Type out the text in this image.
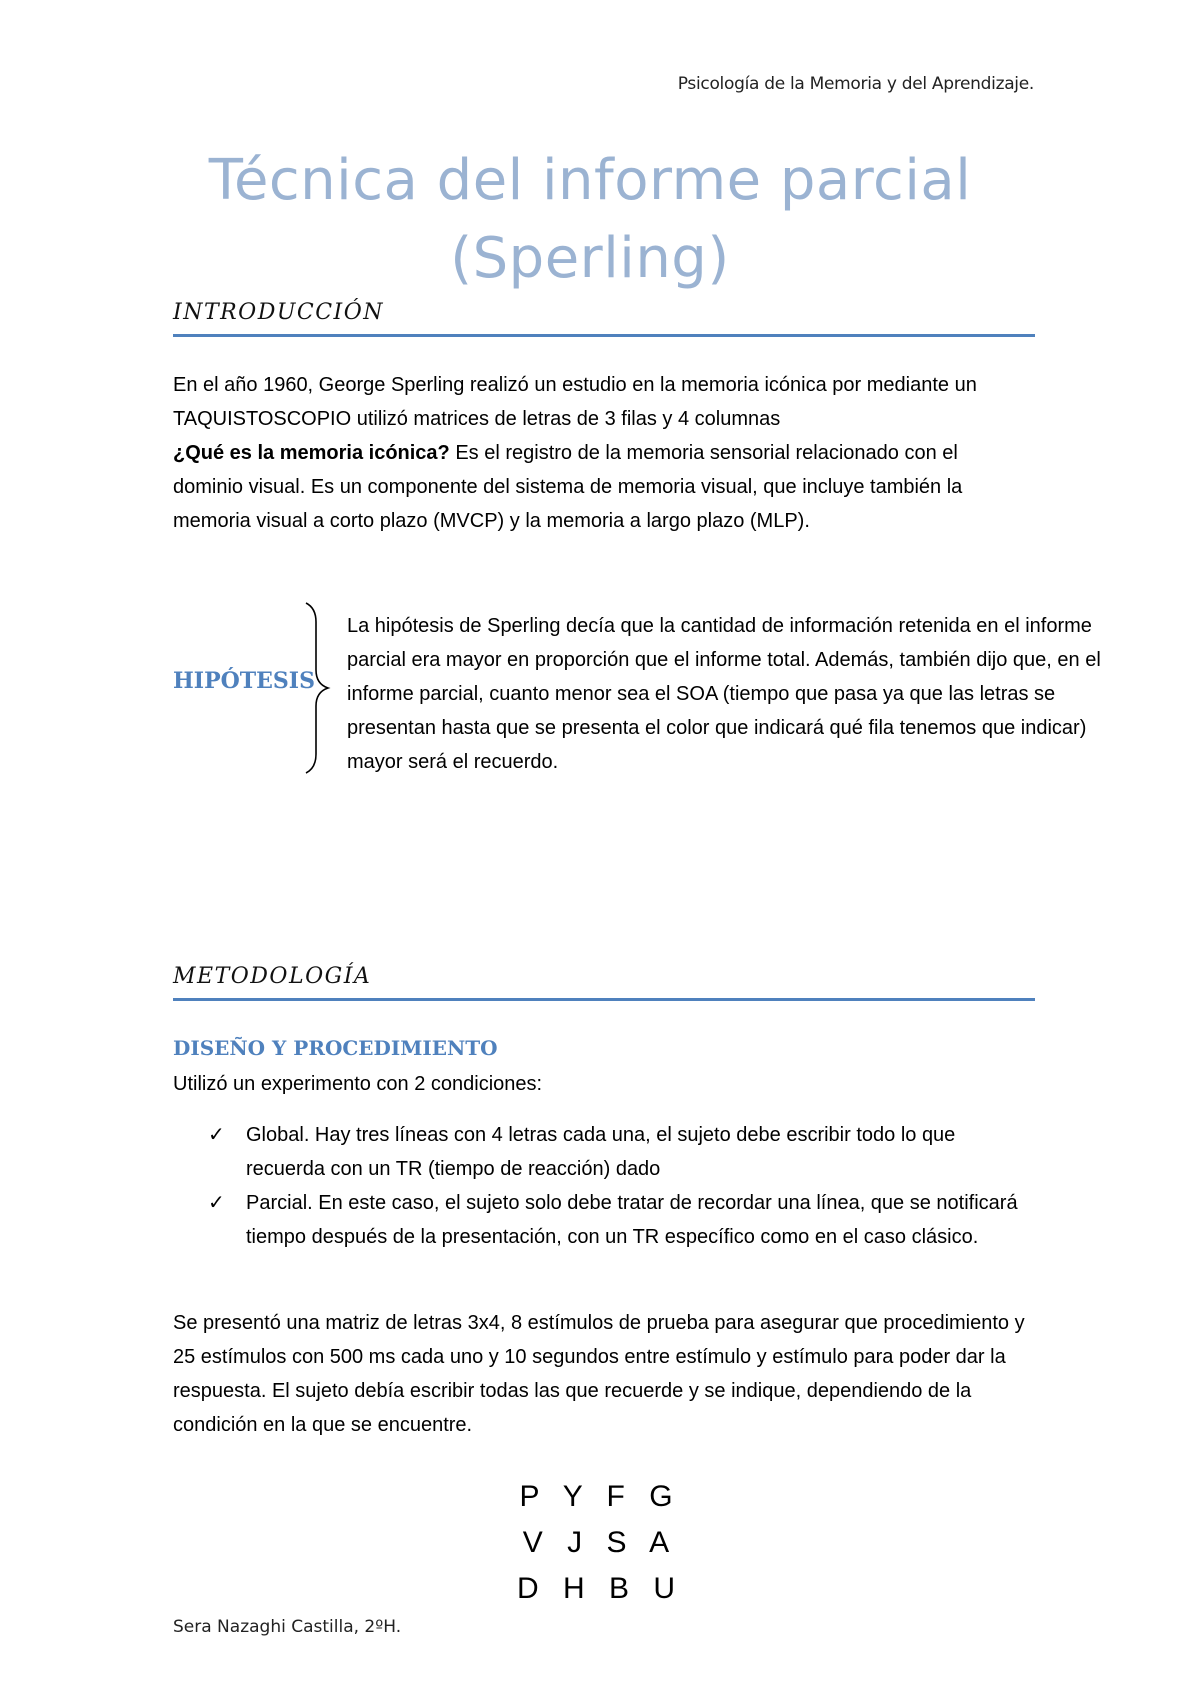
Psicología de la Memoria y del Aprendizaje.
Técnica del informe parcial
(Sperling)
INTRODUCCIÓN

En el año 1960, George Sperling realizó un estudio en la memoria icónica por mediante un TAQUISTOSCOPIO utilizó matrices de letras de 3 filas y 4 columnas

¿Qué es la memoria icónica? Es el registro de la memoria sensorial relacionado con el dominio visual. Es un componente del sistema de memoria visual, que incluye también la memoria visual a corto plazo (MVCP) y la memoria a largo plazo (MLP).

HIPÓTESIS
La hipótesis de Sperling decía que la cantidad de información retenida en el informe parcial era mayor en proporción que el informe total. Además, también dijo que, en el informe parcial, cuanto menor sea el SOA (tiempo que pasa ya que las letras se presentan hasta que se presenta el color que indicará qué fila tenemos que indicar) mayor será el recuerdo.
METODOLOGÍA
DISEÑO Y PROCEDIMIENTO
Utilizó un experimento con 2 condiciones:
✓ Global. Hay tres líneas con 4 letras cada una, el sujeto debe escribir todo lo que recuerda con un TR (tiempo de reacción) dado
✓ Parcial. En este caso, el sujeto solo debe tratar de recordar una línea, que se notificará tiempo después de la presentación, con un TR específico como en el caso clásico.
Se presentó una matriz de letras 3x4, 8 estímulos de prueba para asegurar que procedimiento y 25 estímulos con 500 ms cada uno y 10 segundos entre estímulo y estímulo para poder dar la respuesta. El sujeto debía escribir todas las que recuerde y se indique, dependiendo de la condición en la que se encuentre.
P Y F G
V J S A
D H B U
Sera Nazaghi Castilla, 2ºH.
